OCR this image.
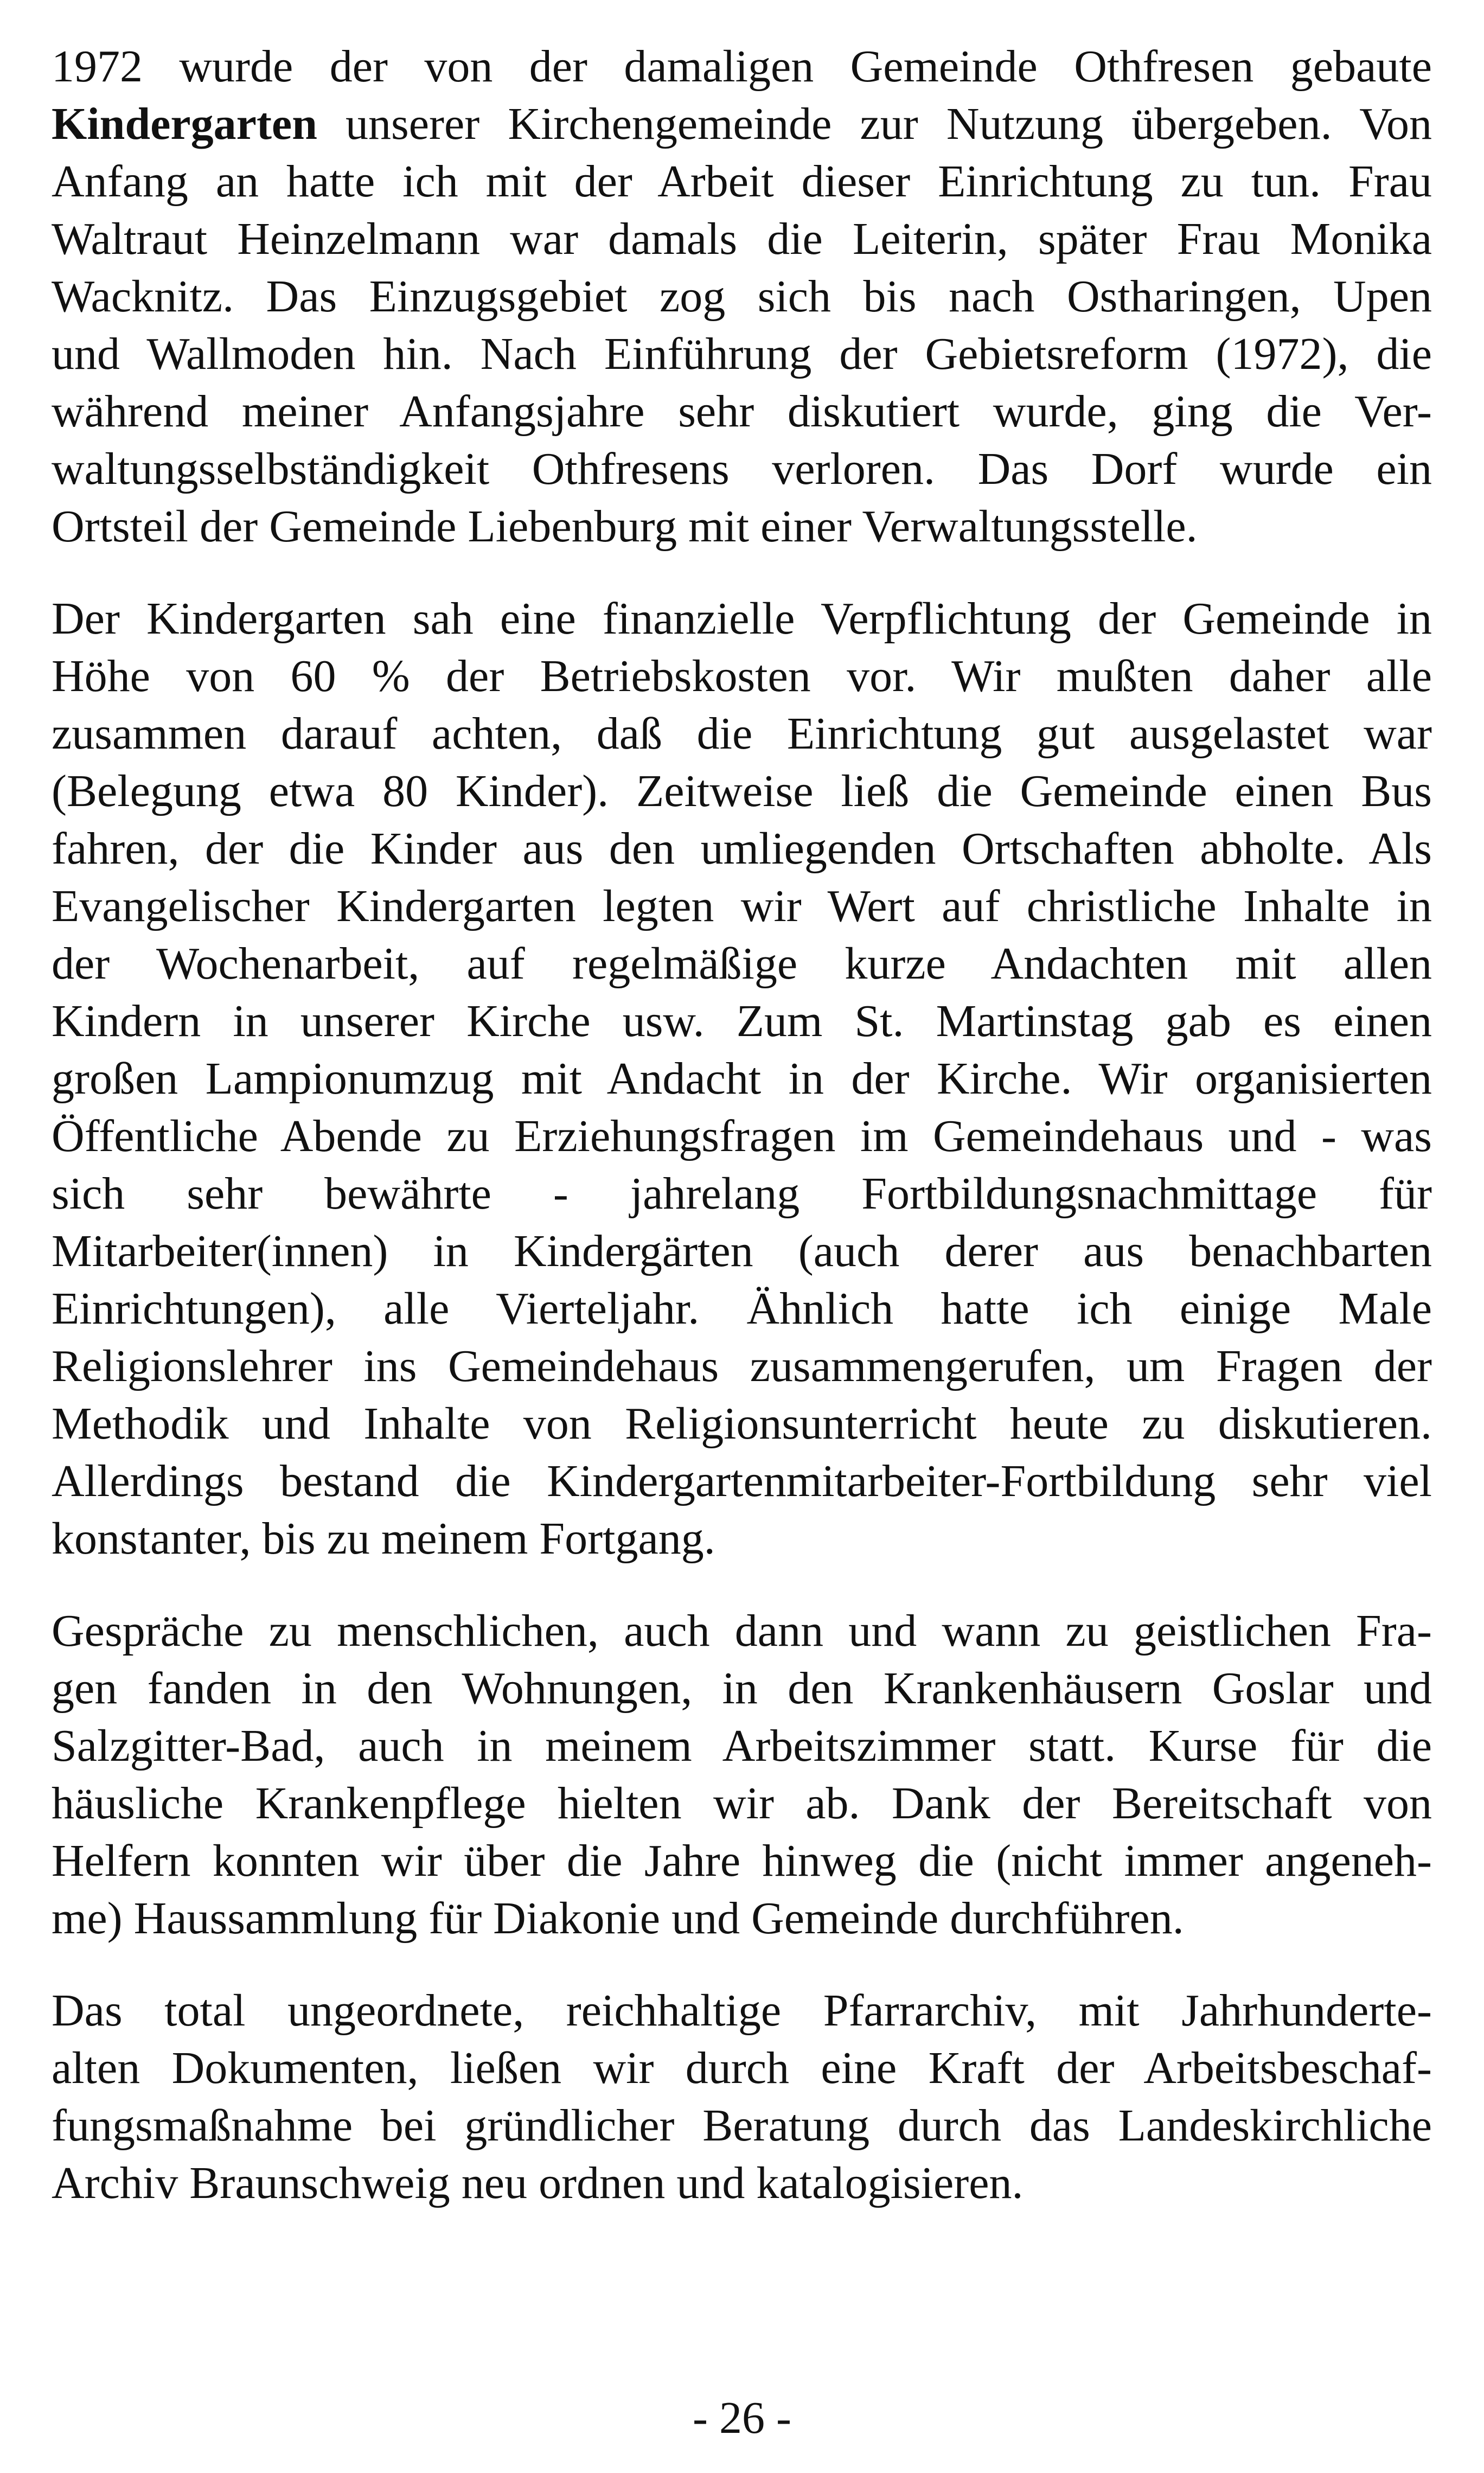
1972 wurde der von der damaligen Gemeinde Othfresen gebaute
Kindergarten unserer Kirchengemeinde zur Nutzung übergeben. Von
Anfang an hatte ich mit der Arbeit dieser Einrichtung zu tun. Frau
Waltraut Heinzelmann war damals die Leiterin, später Frau Monika
Wacknitz. Das Einzugsgebiet zog sich bis nach Ostharingen, Upen
und Wallmoden hin. Nach Einführung der Gebietsreform (1972), die
während meiner Anfangsjahre sehr diskutiert wurde, ging die Ver-
waltungsselbständigkeit Othfresens verloren. Das Dorf wurde ein
Ortsteil der Gemeinde Liebenburg mit einer Verwaltungsstelle.
Der Kindergarten sah eine finanzielle Verpflichtung der Gemeinde in
Höhe von 60 % der Betriebskosten vor. Wir mußten daher alle
zusammen darauf achten, daß die Einrichtung gut ausgelastet war
(Belegung etwa 80 Kinder). Zeitweise ließ die Gemeinde einen Bus
fahren, der die Kinder aus den umliegenden Ortschaften abholte. Als
Evangelischer Kindergarten legten wir Wert auf christliche Inhalte in
der Wochenarbeit, auf regelmäßige kurze Andachten mit allen
Kindern in unserer Kirche usw. Zum St. Martinstag gab es einen
großen Lampionumzug mit Andacht in der Kirche. Wir organisierten
Öffentliche Abende zu Erziehungsfragen im Gemeindehaus und - was
sich sehr bewährte - jahrelang Fortbildungsnachmittage für
Mitarbeiter(innen) in Kindergärten (auch derer aus benachbarten
Einrichtungen), alle Vierteljahr. Ähnlich hatte ich einige Male
Religionslehrer ins Gemeindehaus zusammengerufen, um Fragen der
Methodik und Inhalte von Religionsunterricht heute zu diskutieren.
Allerdings bestand die Kindergartenmitarbeiter-Fortbildung sehr viel
konstanter, bis zu meinem Fortgang.
Gespräche zu menschlichen, auch dann und wann zu geistlichen Fra-
gen fanden in den Wohnungen, in den Krankenhäusern Goslar und
Salzgitter-Bad, auch in meinem Arbeitszimmer statt. Kurse für die
häusliche Krankenpflege hielten wir ab. Dank der Bereitschaft von
Helfern konnten wir über die Jahre hinweg die (nicht immer angeneh-
me) Haussammlung für Diakonie und Gemeinde durchführen.
Das total ungeordnete, reichhaltige Pfarrarchiv, mit Jahrhunderte-
alten Dokumenten, ließen wir durch eine Kraft der Arbeitsbeschaf-
fungsmaßnahme bei gründlicher Beratung durch das Landeskirchliche
Archiv Braunschweig neu ordnen und katalogisieren.
- 26 -
